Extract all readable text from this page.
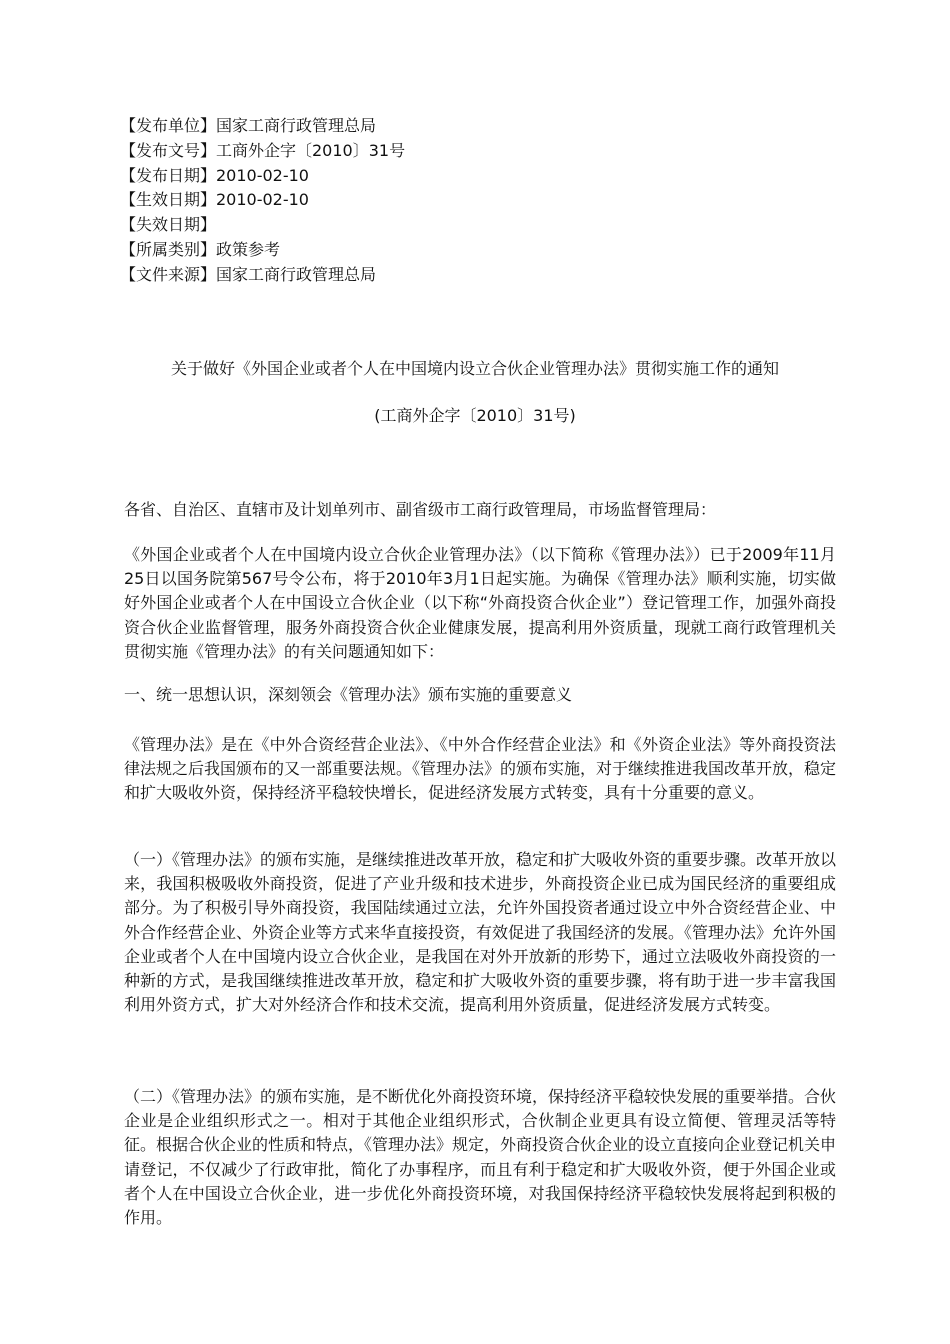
【发布单位】国家工商行政管理总局
【发布文号】工商外企字〔2010〕31号
【发布日期】2010-02-10
【生效日期】2010-02-10
【失效日期】
【所属类别】政策参考
【文件来源】国家工商行政管理总局
关于做好《外国企业或者个人在中国境内设立合伙企业管理办法》贯彻实施工作的通知
(工商外企字〔2010〕31号)

各省、自治区、直辖市及计划单列市、副省级市工商行政管理局，市场监督管理局：

《外国企业或者个人在中国境内设立合伙企业管理办法》（以下简称《管理办法》）已于2009年11月25日以国务院第567号令公布，将于2010年3月1日起实施。为确保《管理办法》顺利实施，切实做好外国企业或者个人在中国设立合伙企业（以下称“外商投资合伙企业”）登记管理工作，加强外商投资合伙企业监督管理，服务外商投资合伙企业健康发展，提高利用外资质量，现就工商行政管理机关贯彻实施《管理办法》的有关问题通知如下：

一、统一思想认识，深刻领会《管理办法》颁布实施的重要意义

《管理办法》是在《中外合资经营企业法》、《中外合作经营企业法》和《外资企业法》等外商投资法律法规之后我国颁布的又一部重要法规。《管理办法》的颁布实施，对于继续推进我国改革开放，稳定和扩大吸收外资，保持经济平稳较快增长，促进经济发展方式转变，具有十分重要的意义。

（一）《管理办法》的颁布实施，是继续推进改革开放，稳定和扩大吸收外资的重要步骤。改革开放以来，我国积极吸收外商投资，促进了产业升级和技术进步，外商投资企业已成为国民经济的重要组成部分。为了积极引导外商投资，我国陆续通过立法，允许外国投资者通过设立中外合资经营企业、中外合作经营企业、外资企业等方式来华直接投资，有效促进了我国经济的发展。《管理办法》允许外国企业或者个人在中国境内设立合伙企业，是我国在对外开放新的形势下，通过立法吸收外商投资的一种新的方式，是我国继续推进改革开放，稳定和扩大吸收外资的重要步骤，将有助于进一步丰富我国利用外资方式，扩大对外经济合作和技术交流，提高利用外资质量，促进经济发展方式转变。

（二）《管理办法》的颁布实施，是不断优化外商投资环境，保持经济平稳较快发展的重要举措。合伙企业是企业组织形式之一。相对于其他企业组织形式，合伙制企业更具有设立简便、管理灵活等特征。根据合伙企业的性质和特点，《管理办法》规定，外商投资合伙企业的设立直接向企业登记机关申请登记，不仅减少了行政审批，简化了办事程序，而且有利于稳定和扩大吸收外资，便于外国企业或者个人在中国设立合伙企业，进一步优化外商投资环境，对我国保持经济平稳较快发展将起到积极的作用。
